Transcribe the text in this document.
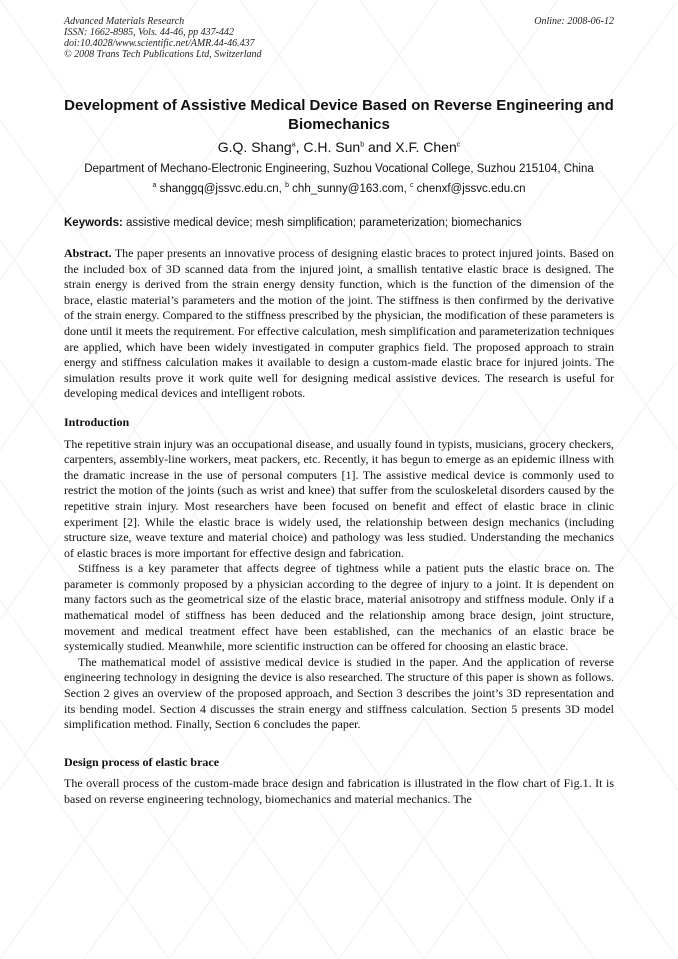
Advanced Materials Research
ISSN: 1662-8985, Vols. 44-46, pp 437-442
doi:10.4028/www.scientific.net/AMR.44-46.437
© 2008 Trans Tech Publications Ltd, Switzerland
Online: 2008-06-12
Development of Assistive Medical Device Based on Reverse Engineering and Biomechanics
G.Q. Shang$^a$, C.H. Sun$^b$ and X.F. Chen$^c$
Department of Mechano-Electronic Engineering, Suzhou Vocational College, Suzhou 215104, China
$^a$ shanggq@jssvc.edu.cn, $^b$ chh_sunny@163.com, $^c$ chenxf@jssvc.edu.cn
Keywords: assistive medical device; mesh simplification; parameterization; biomechanics

Abstract. The paper presents an innovative process of designing elastic braces to protect injured joints. Based on the included box of 3D scanned data from the injured joint, a smallish tentative elastic brace is designed. The strain energy is derived from the strain energy density function, which is the function of the dimension of the brace, elastic material’s parameters and the motion of the joint. The stiffness is then confirmed by the derivative of the strain energy. Compared to the stiffness prescribed by the physician, the modification of these parameters is done until it meets the requirement. For effective calculation, mesh simplification and parameterization techniques are applied, which have been widely investigated in computer graphics field. The proposed approach to strain energy and stiffness calculation makes it available to design a custom-made elastic brace for injured joints. The simulation results prove it work quite well for designing medical assistive devices. The research is useful for developing medical devices and intelligent robots.

Introduction

The repetitive strain injury was an occupational disease, and usually found in typists, musicians, grocery checkers, carpenters, assembly-line workers, meat packers, etc. Recently, it has begun to emerge as an epidemic illness with the dramatic increase in the use of personal computers [1]. The assistive medical device is commonly used to restrict the motion of the joints (such as wrist and knee) that suffer from the sculoskeletal disorders caused by the repetitive strain injury. Most researchers have been focused on benefit and effect of elastic brace in clinic experiment [2]. While the elastic brace is widely used, the relationship between design mechanics (including structure size, weave texture and material choice) and pathology was less studied. Understanding the mechanics of elastic braces is more important for effective design and fabrication.

Stiffness is a key parameter that affects degree of tightness while a patient puts the elastic brace on. The parameter is commonly proposed by a physician according to the degree of injury to a joint. It is dependent on many factors such as the geometrical size of the elastic brace, material anisotropy and stiffness module. Only if a mathematical model of stiffness has been deduced and the relationship among brace design, joint structure, movement and medical treatment effect have been established, can the mechanics of an elastic brace be systemically studied. Meanwhile, more scientific instruction can be offered for choosing an elastic brace.

The mathematical model of assistive medical device is studied in the paper. And the application of reverse engineering technology in designing the device is also researched. The structure of this paper is shown as follows. Section 2 gives an overview of the proposed approach, and Section 3 describes the joint’s 3D representation and its bending model. Section 4 discusses the strain energy and stiffness calculation. Section 5 presents 3D model simplification method. Finally, Section 6 concludes the paper.

Design process of elastic brace

The overall process of the custom-made brace design and fabrication is illustrated in the flow chart of Fig.1. It is based on reverse engineering technology, biomechanics and material mechanics. The
